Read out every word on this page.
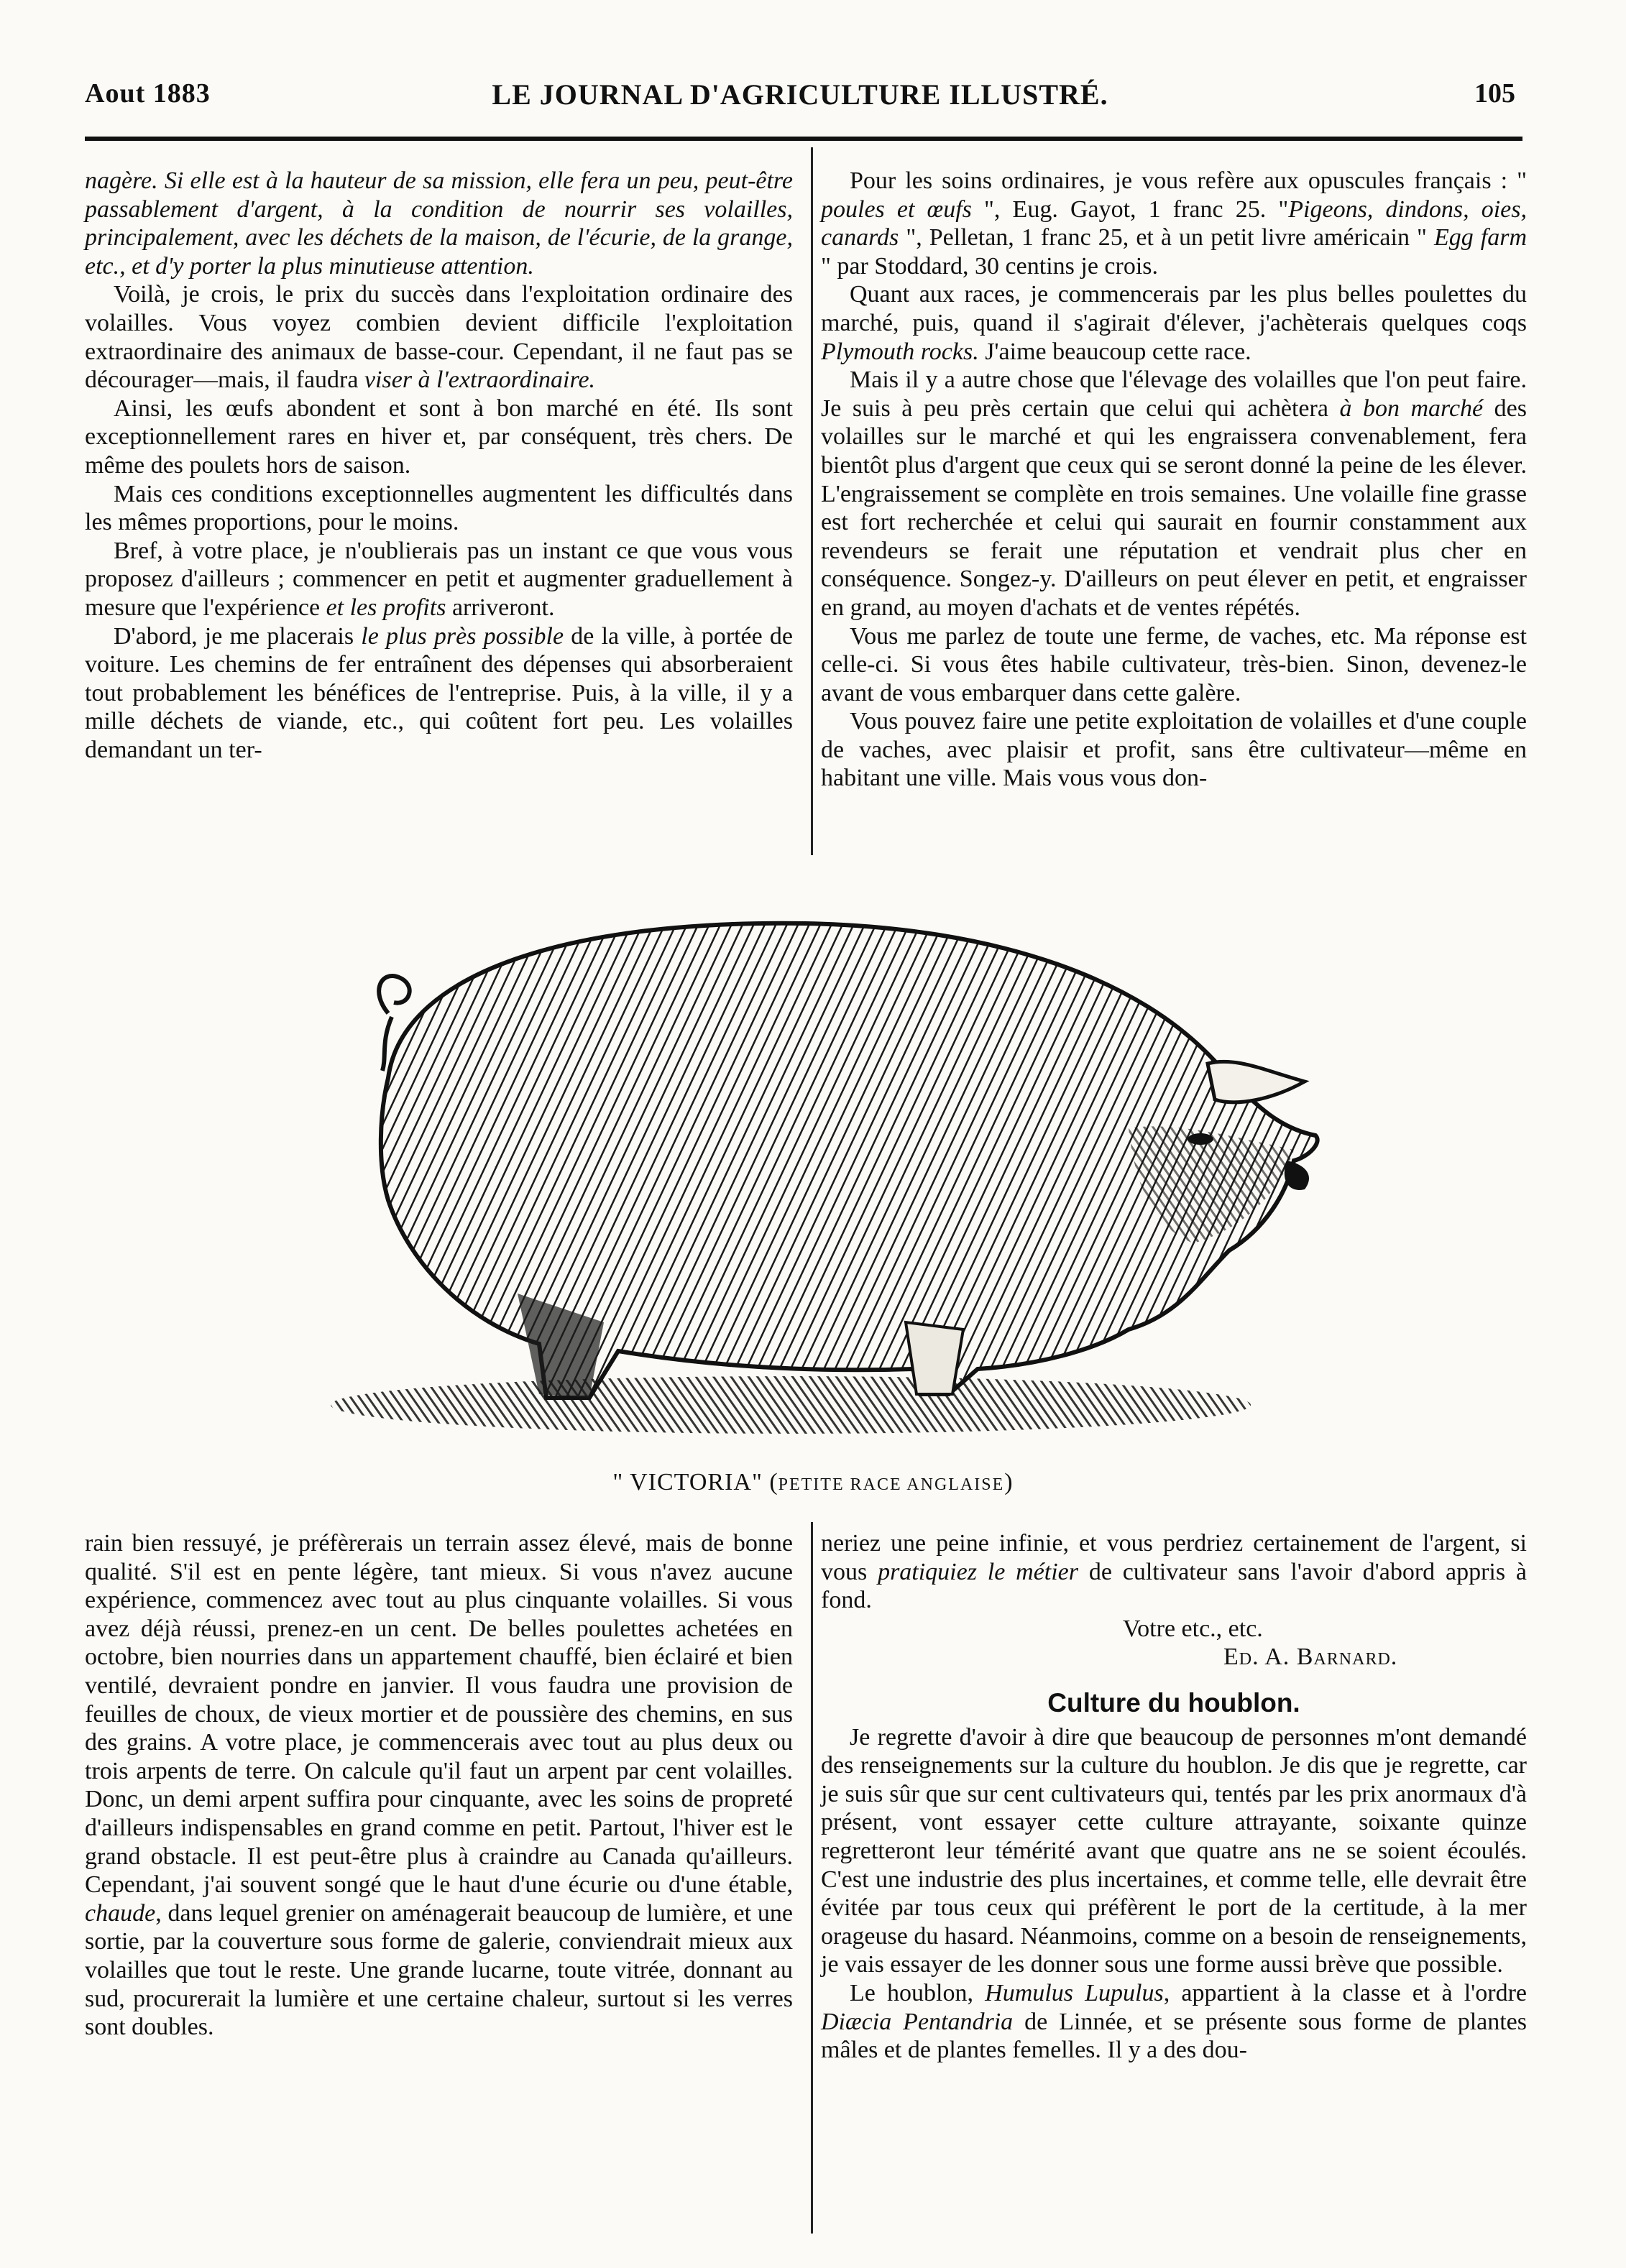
Aout 1883	LE JOURNAL D'AGRICULTURE ILLUSTRÉ.	105

nagère. Si elle est à la hauteur de sa mission, elle fera un peu, peut-être passablement d'argent, à la condition de nourrir ses volailles, principalement, avec les déchets de la maison, de l'écurie, de la grange, etc., et d'y porter la plus minutieuse attention.

Voilà, je crois, le prix du succès dans l'exploitation ordinaire des volailles. Vous voyez combien devient difficile l'exploitation extraordinaire des animaux de basse-cour. Cependant, il ne faut pas se décourager—mais, il faudra viser à l'extraordinaire.

Ainsi, les œufs abondent et sont à bon marché en été. Ils sont exceptionnellement rares en hiver et, par conséquent, très chers. De même des poulets hors de saison.

Mais ces conditions exceptionnelles augmentent les difficultés dans les mêmes proportions, pour le moins.

Bref, à votre place, je n'oublierais pas un instant ce que vous vous proposez d'ailleurs ; commencer en petit et augmenter graduellement à mesure que l'expérience et les profits arriveront.

D'abord, je me placerais le plus près possible de la ville, à portée de voiture. Les chemins de fer entraînent des dépenses qui absorberaient tout probablement les bénéfices de l'entreprise. Puis, à la ville, il y a mille déchets de viande, etc., qui coûtent fort peu. Les volailles demandant un ter-

Pour les soins ordinaires, je vous refère aux opuscules français : " poules et œufs ", Eug. Gayot, 1 franc 25. "Pigeons, dindons, oies, canards ", Pelletan, 1 franc 25, et à un petit livre américain " Egg farm " par Stoddard, 30 centins je crois.

Quant aux races, je commencerais par les plus belles poulettes du marché, puis, quand il s'agirait d'élever, j'achèterais quelques coqs Plymouth rocks. J'aime beaucoup cette race.

Mais il y a autre chose que l'élevage des volailles que l'on peut faire. Je suis à peu près certain que celui qui achètera à bon marché des volailles sur le marché et qui les engraissera convenablement, fera bientôt plus d'argent que ceux qui se seront donné la peine de les élever. L'engraissement se complète en trois semaines. Une volaille fine grasse est fort recherchée et celui qui saurait en fournir constamment aux revendeurs se ferait une réputation et vendrait plus cher en conséquence. Songez-y. D'ailleurs on peut élever en petit, et engraisser en grand, au moyen d'achats et de ventes répétés.

Vous me parlez de toute une ferme, de vaches, etc. Ma réponse est celle-ci. Si vous êtes habile cultivateur, très-bien. Sinon, devenez-le avant de vous embarquer dans cette galère.

Vous pouvez faire une petite exploitation de volailles et d'une couple de vaches, avec plaisir et profit, sans être cultivateur—même en habitant une ville. Mais vous vous don-

" VICTORIA" (PETITE RACE ANGLAISE)

rain bien ressuyé, je préfèrerais un terrain assez élevé, mais de bonne qualité. S'il est en pente légère, tant mieux. Si vous n'avez aucune expérience, commencez avec tout au plus cinquante volailles. Si vous avez déjà réussi, prenez-en un cent. De belles poulettes achetées en octobre, bien nourries dans un appartement chauffé, bien éclairé et bien ventilé, devraient pondre en janvier. Il vous faudra une provision de feuilles de choux, de vieux mortier et de poussière des chemins, en sus des grains. A votre place, je commencerais avec tout au plus deux ou trois arpents de terre. On calcule qu'il faut un arpent par cent volailles. Donc, un demi arpent suffira pour cinquante, avec les soins de propreté d'ailleurs indispensables en grand comme en petit. Partout, l'hiver est le grand obstacle. Il est peut-être plus à craindre au Canada qu'ailleurs. Cependant, j'ai souvent songé que le haut d'une écurie ou d'une étable, chaude, dans lequel grenier on aménagerait beaucoup de lumière, et une sortie, par la couverture sous forme de galerie, conviendrait mieux aux volailles que tout le reste. Une grande lucarne, toute vitrée, donnant au sud, procurerait la lumière et une certaine chaleur, surtout si les verres sont doubles.

neriez une peine infinie, et vous perdriez certainement de l'argent, si vous pratiquiez le métier de cultivateur sans l'avoir d'abord appris à fond.

Votre etc., etc.
Ed. A. Barnard.
Culture du houblon.

Je regrette d'avoir à dire que beaucoup de personnes m'ont demandé des renseignements sur la culture du houblon. Je dis que je regrette, car je suis sûr que sur cent cultivateurs qui, tentés par les prix anormaux d'à présent, vont essayer cette culture attrayante, soixante quinze regretteront leur témérité avant que quatre ans ne se soient écoulés. C'est une industrie des plus incertaines, et comme telle, elle devrait être évitée par tous ceux qui préfèrent le port de la certitude, à la mer orageuse du hasard. Néanmoins, comme on a besoin de renseignements, je vais essayer de les donner sous une forme aussi brève que possible.

Le houblon, Humulus Lupulus, appartient à la classe et à l'ordre Diæcia Pentandria de Linnée, et se présente sous forme de plantes mâles et de plantes femelles. Il y a des dou-
